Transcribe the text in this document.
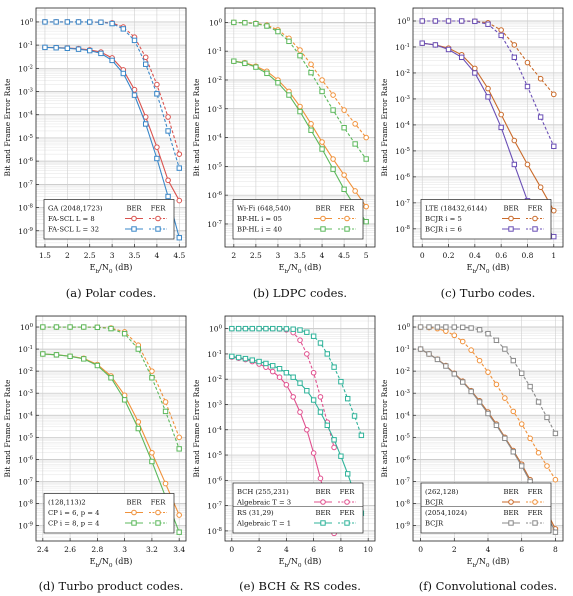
$10^0$
$10^{-1}$
$10^{-2}$
$10^{-3}$
$10^{-4}$
$10^{-5}$
$10^{-6}$
$10^{-7}$
$10^{-8}$
$10^{-9}$
1.5 2 2.5 3 3.5 4 4.5
$E_b/N_0$ (dB)
Bit and Frame Error Rate
GA (2048,1723)	BER FER
FA-SCL L = 8
FA-SCL L = 32
(a) Polar codes.
$10^0$
$10^{-1}$
$10^{-2}$
$10^{-3}$
$10^{-4}$
$10^{-5}$
$10^{-6}$
$10^{-7}$
2 2.5 3 3.5 4 4.5 5
$E_b/N_0$ (dB)
Bit and Frame Error Rate
Wi-Fi (648,540)	BER FER
BP-HL i = 05
BP-HL i = 40
(b) LDPC codes.
$10^0$
$10^{-1}$
$10^{-2}$
$10^{-3}$
$10^{-4}$
$10^{-5}$
$10^{-6}$
$10^{-7}$
$10^{-8}$
0 0.2 0.4 0.6 0.8 1
$E_b/N_0$ (dB)
Bit and Frame Error Rate
LTE (18432,6144) BER FER
BCJR i = 5
BCJR i = 6
(c) Turbo codes.
$10^0$
$10^{-1}$
$10^{-2}$
$10^{-3}$
$10^{-4}$
$10^{-5}$
$10^{-6}$
$10^{-7}$
$10^{-8}$
$10^{-9}$
2.4 2.6 2.8	3	3.2 3.4
$E_b/N_0$ (dB)
Bit and Frame Error Rate
(128,113)2	BER FER
CP i = 6, p = 4
CP i = 8, p = 4
(d) Turbo product codes.
$10^0$
$10^{-1}$
$10^{-2}$
$10^{-3}$
$10^{-4}$
$10^{-5}$
$10^{-6}$
$10^{-7}$
$10^{-8}$
0	2	4	6	8	10
$E_b/N_0$ (dB)
Bit and Frame Error Rate
BCH (255,231)	BER FER
Algebraic T = 3
RS (31,29)	BER FER
Algebraic T = 1
(e) BCH & RS codes.
$10^0$
$10^{-1}$
$10^{-2}$
$10^{-3}$
$10^{-4}$
$10^{-5}$
$10^{-6}$
$10^{-7}$
$10^{-8}$
$10^{-9}$
0	2	4	6	8
$E_b/N_0$ (dB)
Bit and Frame Error Rate
(262,128)	BER FER
BCJR
(2054,1024)	BER FER
BCJR
(f) Convolutional codes.
